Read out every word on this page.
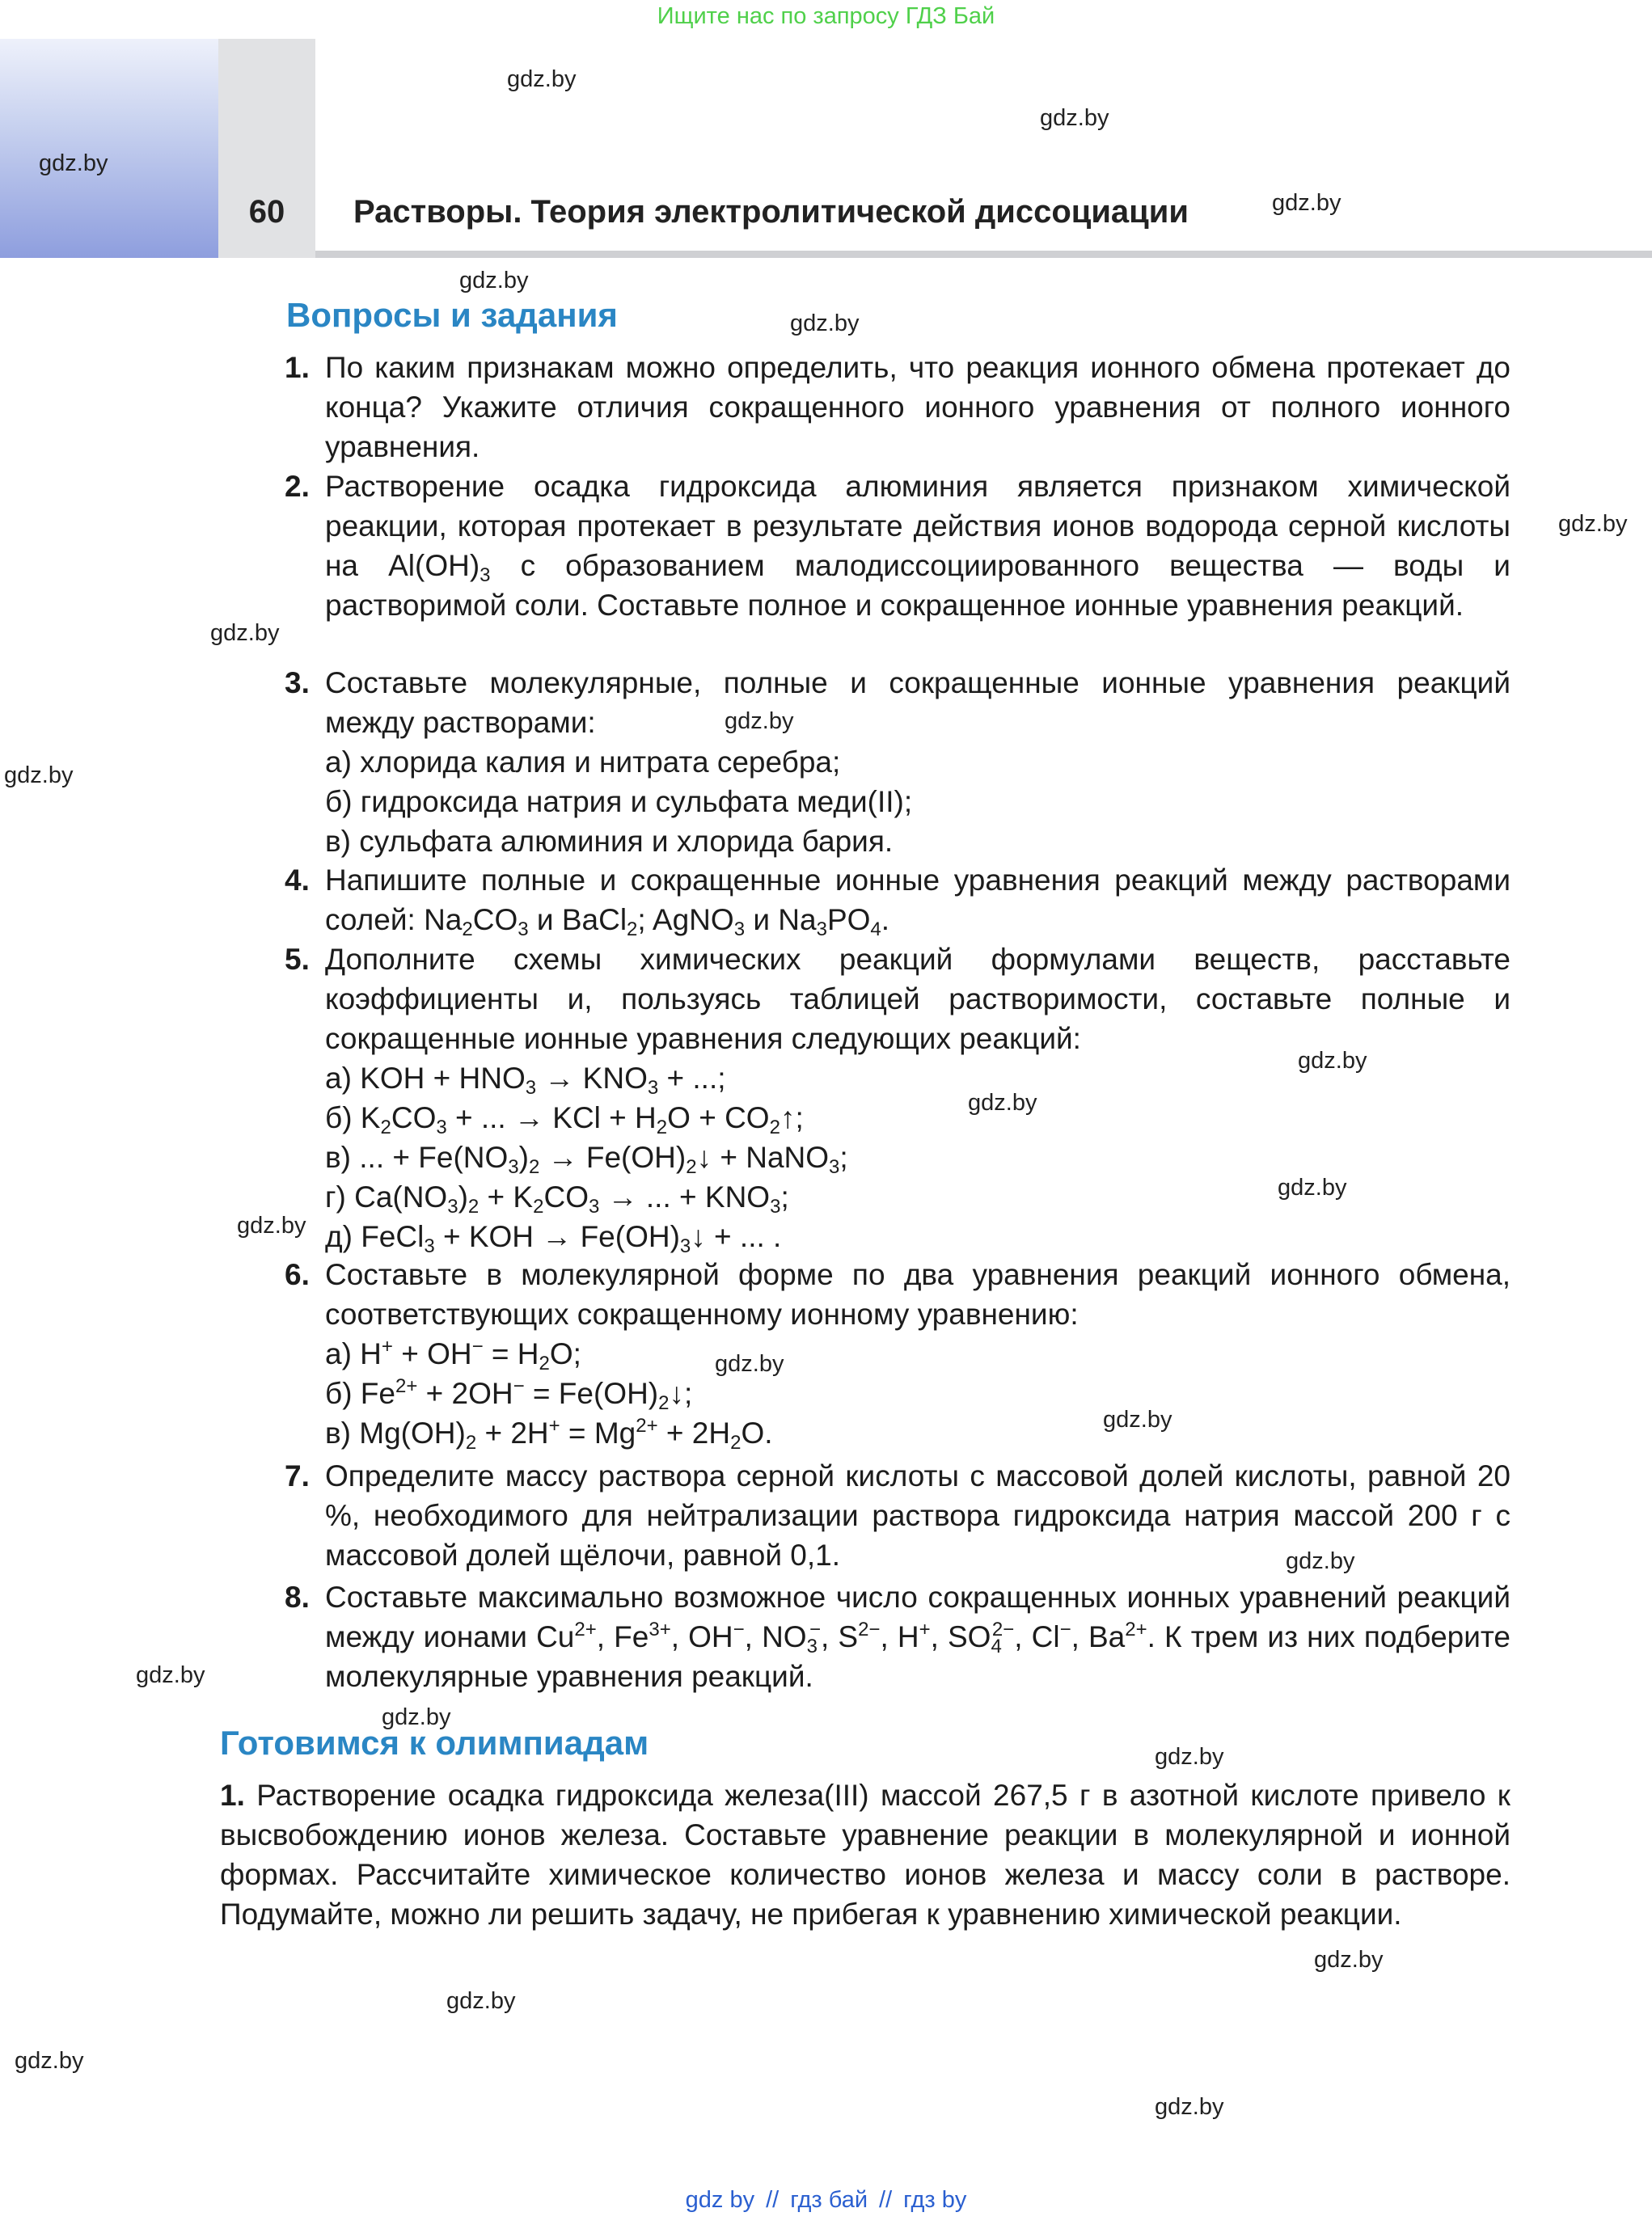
Ищите нас по запросу ГДЗ Бай
60	Растворы. Теория электролитической диссоциации
gdz.by
gdz.by
gdz.by
gdz.by
gdz.by
gdz.by
gdz.by
gdz.by
gdz.by
gdz.by
gdz.by
gdz.by
gdz.by
gdz.by
gdz.by
gdz.by
gdz.by
gdz.by
gdz.by
gdz.by
gdz.by
gdz.by
gdz.by
gdz.by
Вопросы и задания
1. По каким признакам можно определить, что реакция ионного обмена протекает до конца? Укажите отличия сокращенного ионного уравнения от полного ионного уравнения.
2. Растворение осадка гидроксида алюминия является признаком химической реакции, которая протекает в результате действия ионов водорода серной кислоты на $Al(OH)_3$ с образованием малодиссоциированного вещества — воды и растворимой соли. Составьте полное и сокращенное ионные уравнения реакций.
3. Составьте молекулярные, полные и сокращенные ионные уравнения реакций между растворами:
а) хлорида калия и нитрата серебра;
б) гидроксида натрия и сульфата меди(II);
в) сульфата алюминия и хлорида бария.
4. Напишите полные и сокращенные ионные уравнения реакций между растворами солей: $Na_2CO_3$ и BaCl$_2$; AgNO$_3$ и $Na_3PO_4$.
5. Дополните схемы химических реакций формулами веществ, расставьте коэффициенты и, пользуясь таблицей растворимости, составьте полные и сокращенные ионные уравнения следующих реакций:
а) KOH + $HNO_3 \to KNO_3$ + ...;
б) $K_2CO_3$ + ... → KCl + $H_2O$ + $CO_2↑$;
в) ... + $Fe(NO_3)_2$ → $Fe(OH)_2↓$ + NaNO$_3$;
г) $Ca(NO_3)_2 + K_2CO_3$ → ... + $KNO_3$;
д) FeCl$_3$ + KOH → $Fe(OH)_3↓$ + ... .
6. Составьте в молекулярной форме по два уравнения реакций ионного обмена, соответствующих сокращенному ионному уравнению:
а) $H^+ + OH^- = H_2O$;
б) $Fe^{2+} + 2OH^-$ = $Fe(OH)_2↓$;
в) $Mg(OH)_2 + 2H^+ = Mg^{2+} + 2H_2O$.
7. Определите массу раствора серной кислоты с массовой долей кислоты, равной 20 %, необходимого для нейтрализации раствора гидроксида натрия массой 200 г с массовой долей щёлочи, равной 0,1.
8. Составьте максимально возможное число сокращенных ионных уравнений реакций между ионами $Cu^{2+}$, $Fe^{3+}$, OH−, $NO_3^-$, $S^{2-}$, H+, $SO_4^{2-}$, Cl−, $Ba^{2+}$. К трем из них подберите молекулярные уравнения реакций.
Готовимся к олимпиадам
1. Растворение осадка гидроксида железа(III) массой 267,5 г в азотной кислоте привело к высвобождению ионов железа. Составьте уравнение реакции в молекулярной и ионной формах. Рассчитайте химическое количество ионов железа и массу соли в растворе. Подумайте, можно ли решить задачу, не прибегая к уравнению химической реакции.
gdz by // гдз бай // гдз by
